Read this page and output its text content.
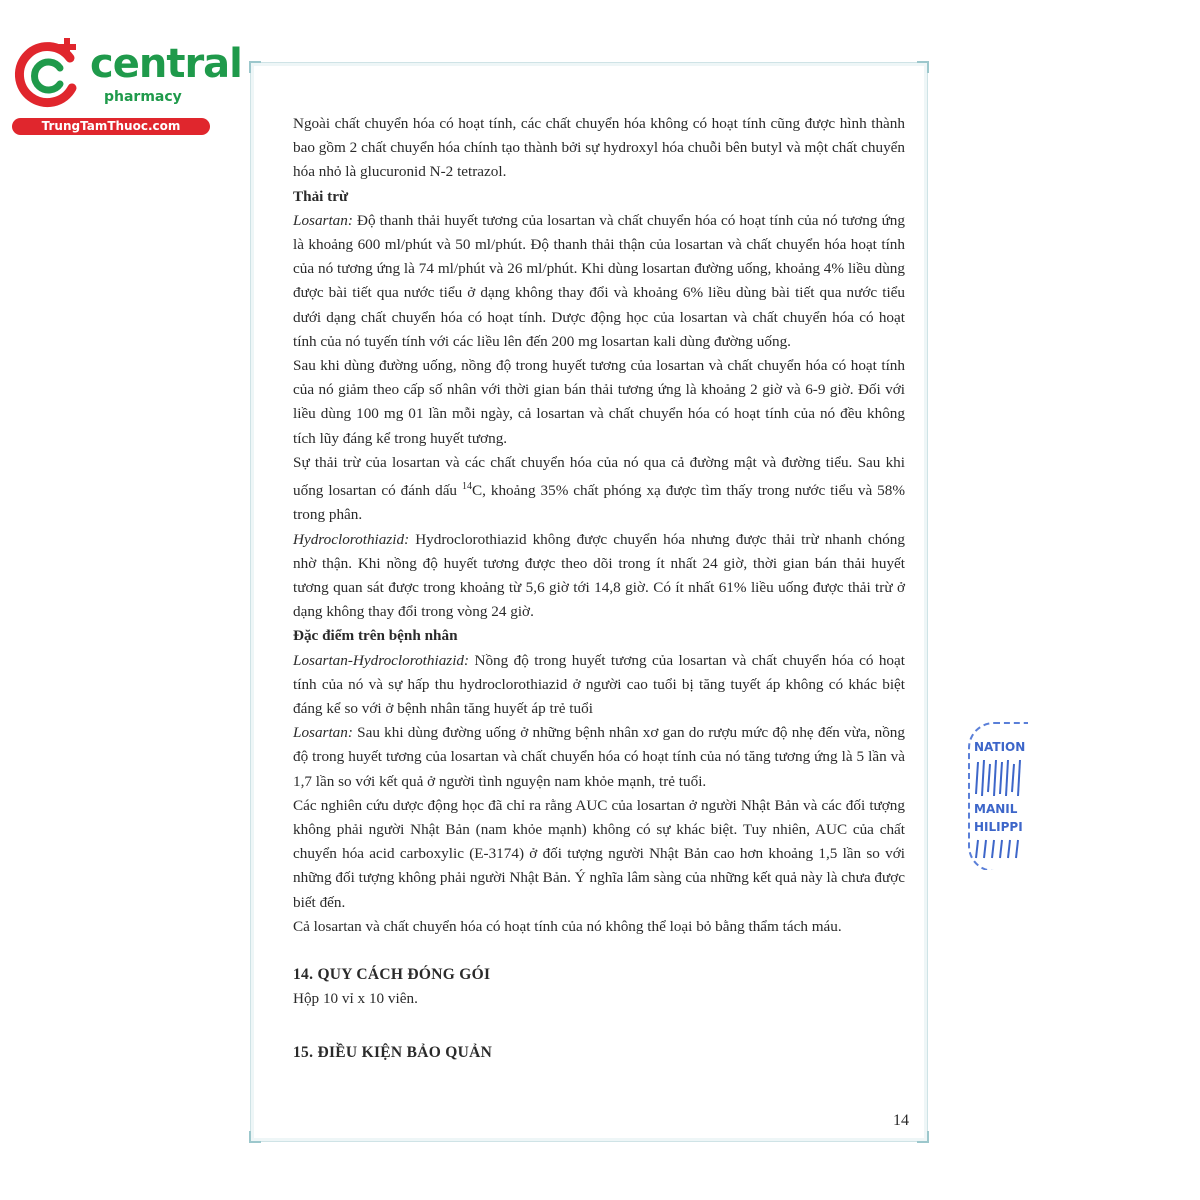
central
pharmacy
TrungTamThuoc.com	Ngoài chất chuyển hóa có hoạt tính, các chất chuyển hóa không có hoạt tính cũng được hình thành bao gồm 2 chất chuyển hóa chính tạo thành bởi sự hydroxyl hóa chuỗi bên butyl và một chất chuyển hóa nhỏ là glucuronid N-2 tetrazol.

Thải trừ

Losartan: Độ thanh thải huyết tương của losartan và chất chuyển hóa có hoạt tính của nó tương ứng là khoảng 600 ml/phút và 50 ml/phút. Độ thanh thải thận của losartan và chất chuyển hóa hoạt tính của nó tương ứng là 74 ml/phút và 26 ml/phút. Khi dùng losartan đường uống, khoảng 4% liều dùng được bài tiết qua nước tiểu ở dạng không thay đổi và khoảng 6% liều dùng bài tiết qua nước tiểu dưới dạng chất chuyển hóa có hoạt tính. Dược động học của losartan và chất chuyển hóa có hoạt tính của nó tuyến tính với các liều lên đến 200 mg losartan kali dùng đường uống.

Sau khi dùng đường uống, nồng độ trong huyết tương của losartan và chất chuyển hóa có hoạt tính của nó giảm theo cấp số nhân với thời gian bán thải tương ứng là khoảng 2 giờ và 6-9 giờ. Đối với liều dùng 100 mg 01 lần mỗi ngày, cả losartan và chất chuyển hóa có hoạt tính của nó đều không tích lũy đáng kể trong huyết tương.

Sự thải trừ của losartan và các chất chuyển hóa của nó qua cả đường mật và đường tiểu. Sau khi uống losartan có đánh dấu $^{14}$C, khoảng 35% chất phóng xạ được tìm thấy trong nước tiểu và 58% trong phân.

Hydroclorothiazid: Hydroclorothiazid không được chuyển hóa nhưng được thải trừ nhanh chóng nhờ thận. Khi nồng độ huyết tương được theo dõi trong ít nhất 24 giờ, thời gian bán thải huyết tương quan sát được trong khoảng từ 5,6 giờ tới 14,8 giờ. Có ít nhất 61% liều uống được thải trừ ở dạng không thay đổi trong vòng 24 giờ.

Đặc điểm trên bệnh nhân

Losartan-Hydroclorothiazid: Nồng độ trong huyết tương của losartan và chất chuyển hóa có hoạt tính của nó và sự hấp thu hydroclorothiazid ở người cao tuổi bị tăng tuyết áp không có khác biệt đáng kể so với ở bệnh nhân tăng huyết áp trẻ tuổi

Losartan: Sau khi dùng đường uống ở những bệnh nhân xơ gan do rượu mức độ nhẹ đến vừa, nồng độ trong huyết tương của losartan và chất chuyển hóa có hoạt tính của nó tăng tương ứng là 5 lần và 1,7 lần so với kết quả ở người tình nguyện nam khỏe mạnh, trẻ tuổi.

Các nghiên cứu dược động học đã chỉ ra rằng AUC của losartan ở người Nhật Bản và các đối tượng không phải người Nhật Bản (nam khỏe mạnh) không có sự khác biệt. Tuy nhiên, AUC của chất chuyển hóa acid carboxylic (E-3174) ở đối tượng người Nhật Bản cao hơn khoảng 1,5 lần so với những đối tượng không phải người Nhật Bản. Ý nghĩa lâm sàng của những kết quả này là chưa được biết đến.

Cả losartan và chất chuyển hóa có hoạt tính của nó không thể loại bỏ bằng thẩm tách máu.

14. QUY CÁCH ĐÓNG GÓI

Hộp 10 vỉ x 10 viên.

15. ĐIỀU KIỆN BẢO QUẢN

14
NATION
MANIL
HILIPPI
